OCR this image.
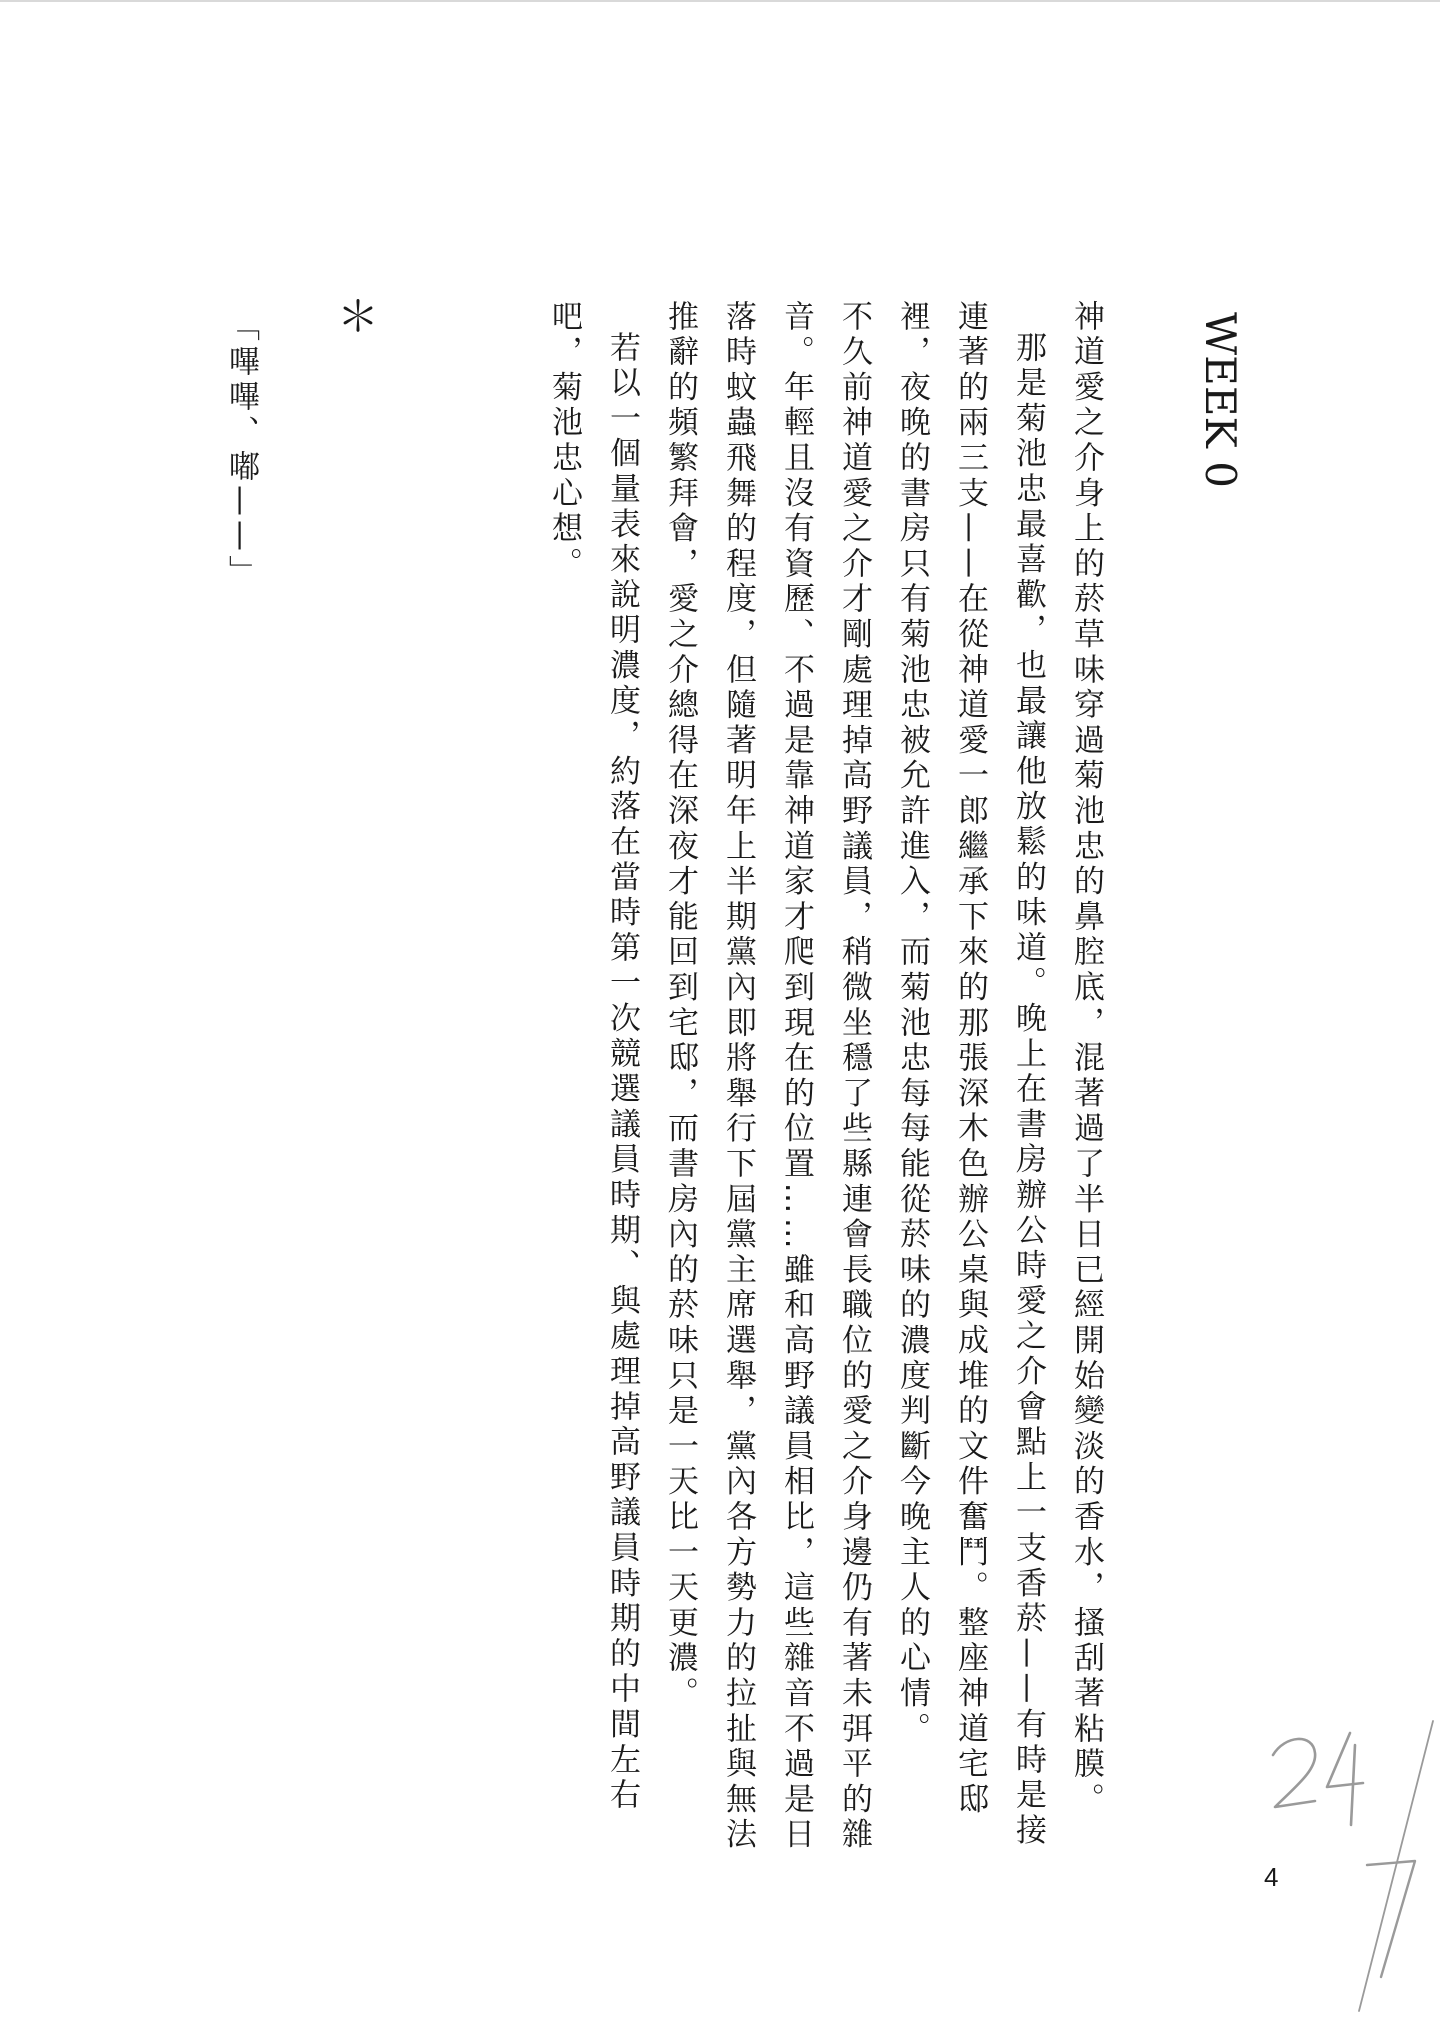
WEEK 0

神道愛之介身上的菸草味穿過菊池忠的鼻腔底，混著過了半日已經開始變淡的香水，搔刮著粘膜。

那是菊池忠最喜歡，也最讓他放鬆的味道。晚上在書房辦公時愛之介會點上一支香菸——有時是接連著的兩三支——在從神道愛一郎繼承下來的那張深木色辦公桌與成堆的文件奮鬥。整座神道宅邸裡，夜晚的書房只有菊池忠被允許進入，而菊池忠每每能從菸味的濃度判斷今晚主人的心情。

不久前神道愛之介才剛處理掉高野議員，稍微坐穩了些縣連會長職位的愛之介身邊仍有著未弭平的雜音。年輕且沒有資歷、不過是靠神道家才爬到現在的位置……雖和高野議員相比，這些雜音不過是日落時蚊蟲飛舞的程度，但隨著明年上半期黨內即將舉行下屆黨主席選舉，黨內各方勢力的拉扯與無法推辭的頻繁拜會，愛之介總得在深夜才能回到宅邸，而書房內的菸味只是一天比一天更濃。

若以一個量表來說明濃度，約落在當時第一次競選議員時期、與處理掉高野議員時期的中間左右吧，菊池忠心想。

＊
「嗶嗶、嘟——」
4
